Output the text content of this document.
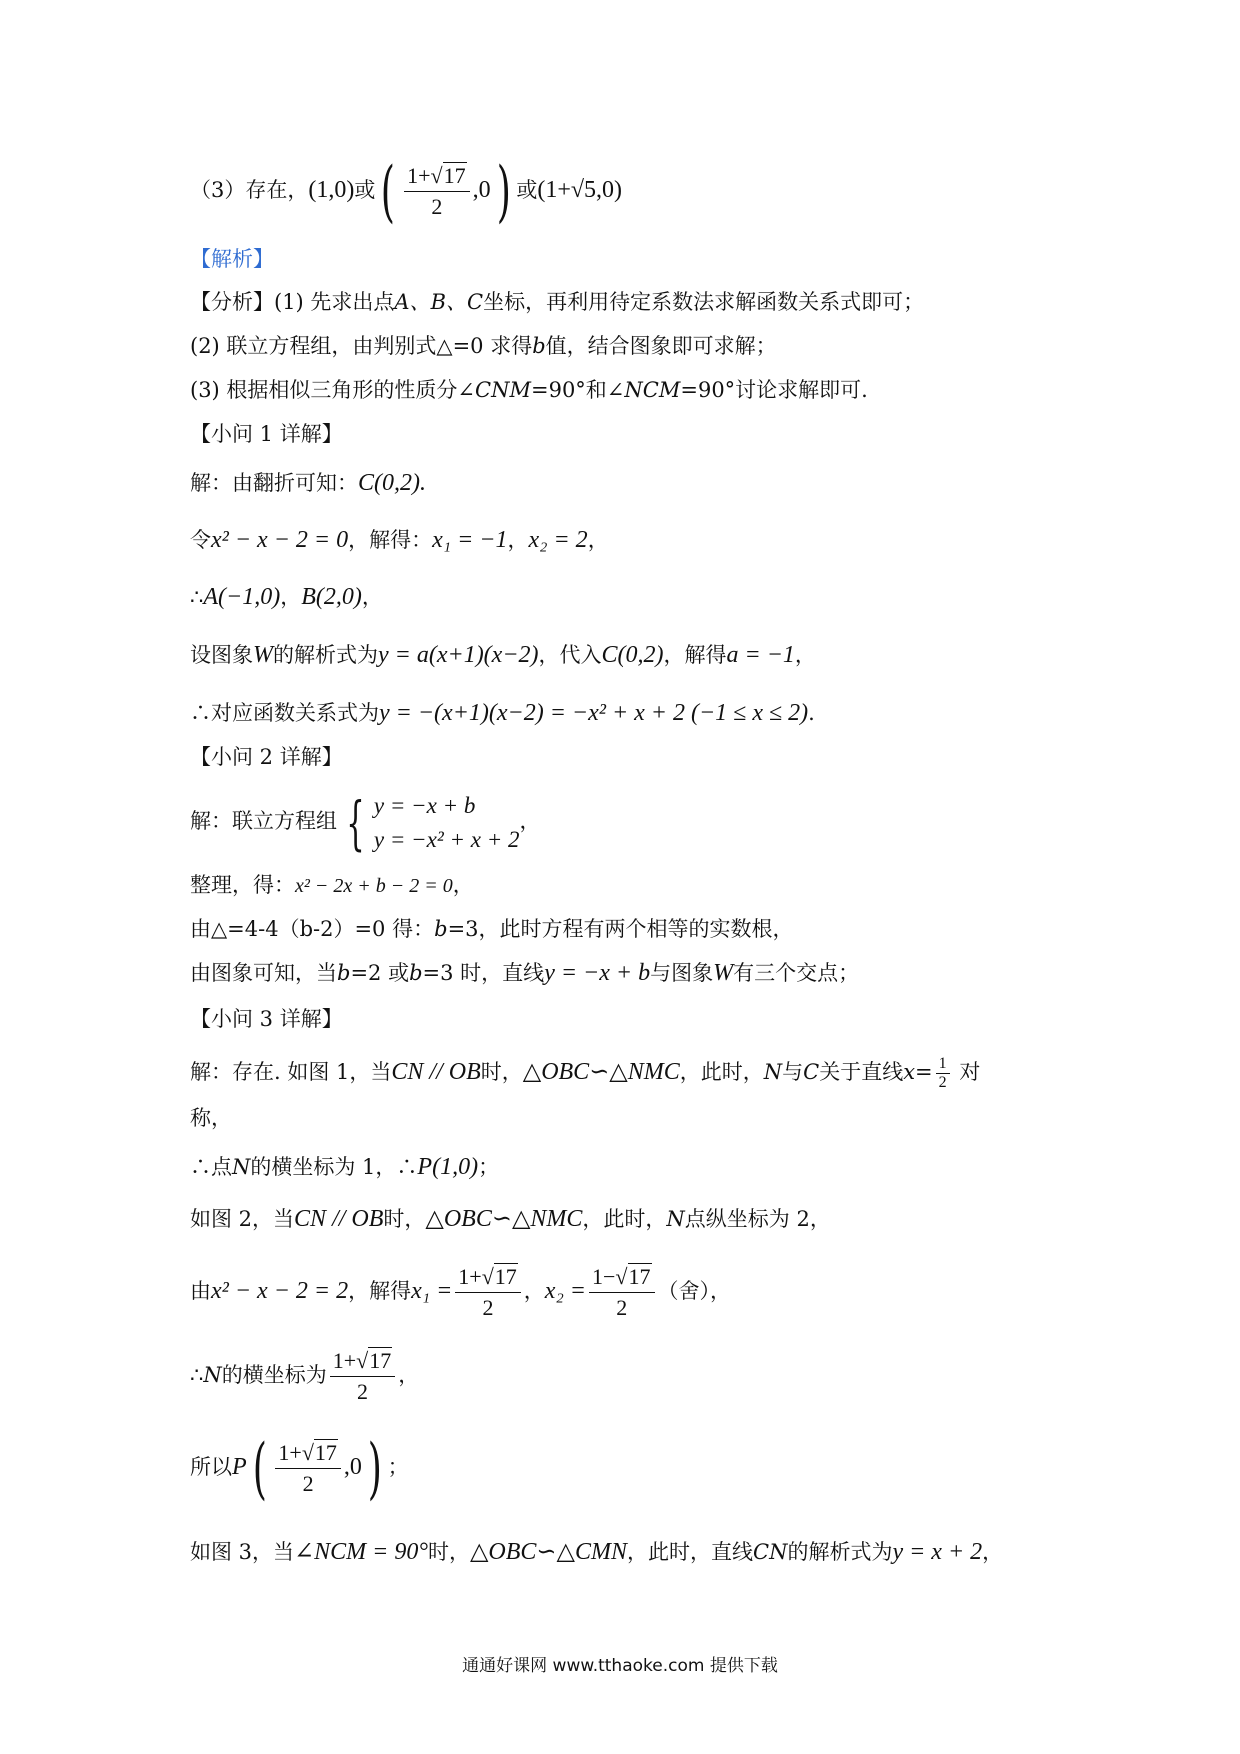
（3）存在，(1,0)或( $\frac{1+√17}{2} ,0$) 或(1+√5,0)
【解析】
【分析】(1) 先求出点A、B、C坐标，再利用待定系数法求解函数关系式即可；
(2) 联立方程组，由判别式△=0 求得b值，结合图象即可求解；
(3) 根据相似三角形的性质分∠CNM=90°和∠NCM=90°讨论求解即可.
【小问 1 详解】
解：由翻折可知：C(0,2).
令x² − x − 2 = 0，解得：x₁ = −1，x₂ = 2，
∴A(−1,0)，B(2,0)，
设图象W的解析式为y = a(x+1)(x−2)，代入C(0,2)，解得a = −1，
∴对应函数关系式为y = −(x+1)(x−2) = −x² + x + 2 (−1 ≤ x ≤ 2).
【小问 2 详解】
解：联立方程组 { y = −x + b
y = −x² + x + 2
，
整理，得：x² − 2x + b − 2 = 0，
由△=4-4（b-2）=0 得：b=3，此时方程有两个相等的实数根，
由图象可知，当b=2 或b=3 时，直线y = −x + b与图象W有三个交点；
【小问 3 详解】
解：存在. 如图 1，当CN // OB时，△OBC∽△NMC，此时，N与C关于直线$x= \frac{1}{2}$ 对
称，
∴点N的横坐标为 1，∴P(1,0)；
如图 2，当CN // OB时，△OBC∽△NMC，此时，N点纵坐标为 2，
由x² − x − 2 = 2，解得$x_1 = \frac{1+√17}{2}$ ，$x_2 = \frac{1-√17}{2}$ （舍），
∴N的横坐标为 $\frac{1+√17}{2}$ ，
所以$P( \frac{1+√17}{2} ,0)$ ；
如图 3，当∠NCM = 90°时，△OBC∽△CMN，此时，直线CN的解析式为y = x + 2，
通通好课网 www.tthaoke.com 提供下载
